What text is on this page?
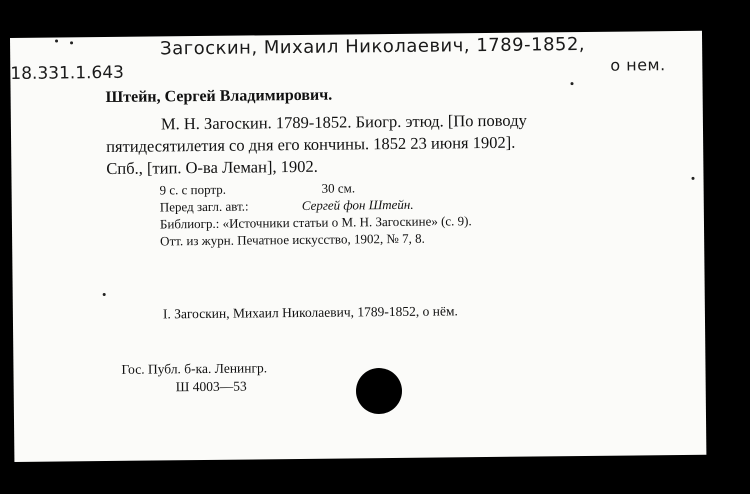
Загоскин, Михаил Николаевич, 1789-1852,
о нем.
18.331.1.643
Штейн, Сергей Владимирович.
М. Н. Загоскин. 1789-1852. Биогр. этюд. [По поводу
пятидесятилетия со дня его кончины. 1852 23 июня 1902].
Спб., [тип. О-ва Леман], 1902.
9 с. с портр.	30 см.
Перед загл. авт.:	Сергей фон Штейн.
Библиогр.: «Источники статьи о М. Н. Загоскине» (с. 9).
Отт. из журн. Печатное искусство, 1902, № 7, 8.
I. Загоскин, Михаил Николаевич, 1789-1852, о нём.
Гос. Публ. б-ка. Ленингр.
Ш 4003—53
